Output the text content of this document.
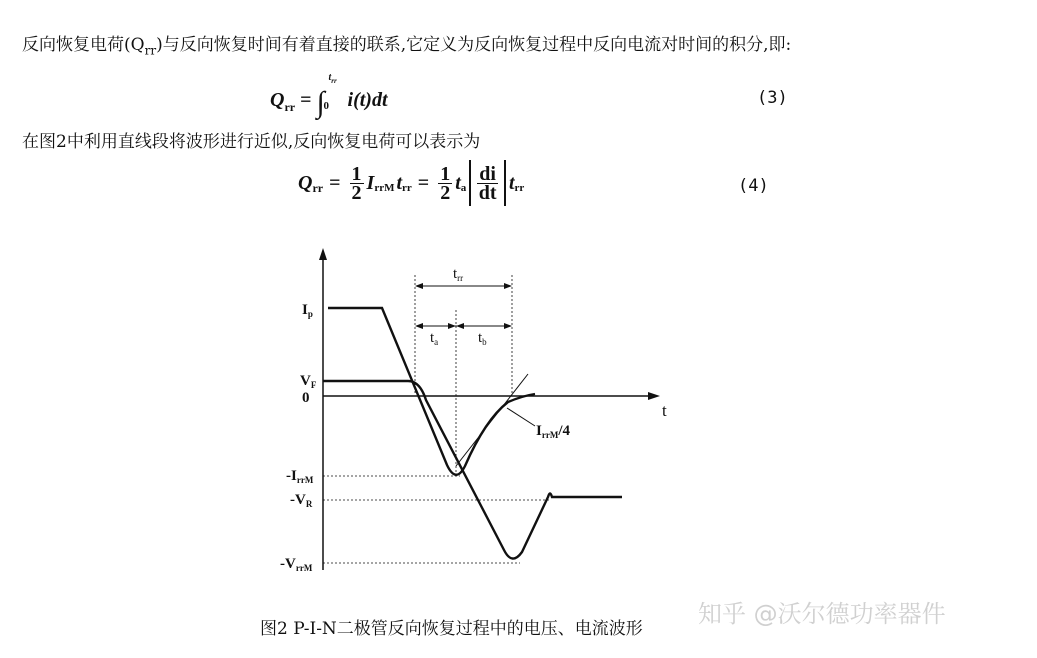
反向恢复电荷$(Q_{rr})$与反向恢复时间有着直接的联系,它定义为反向恢复过程中反向电流对时间的积分,即:
$Q_{rr}$ = ∫
$t_{rr}$
0 i(t)dt	(3)
在图2中利用直线段将波形进行近似,反向恢复电荷可以表示为
$Q_{rr} = \frac{1}{2} I_{rrM}$ $t_{rr} = \frac{1}{2} t_a \frac{di}{dt} t_{rr}$	(4)
$t_{rr}$
$t_a$	$t_b$
t
$I_p$
$V_F$
0
$-I_{rrM}$
$-V_R$
$-V_{rrM}$
$I_{rrM}/4$
图2 P-I-N二极管反向恢复过程中的电压、电流波形
知乎 @沃尔德功率器件
